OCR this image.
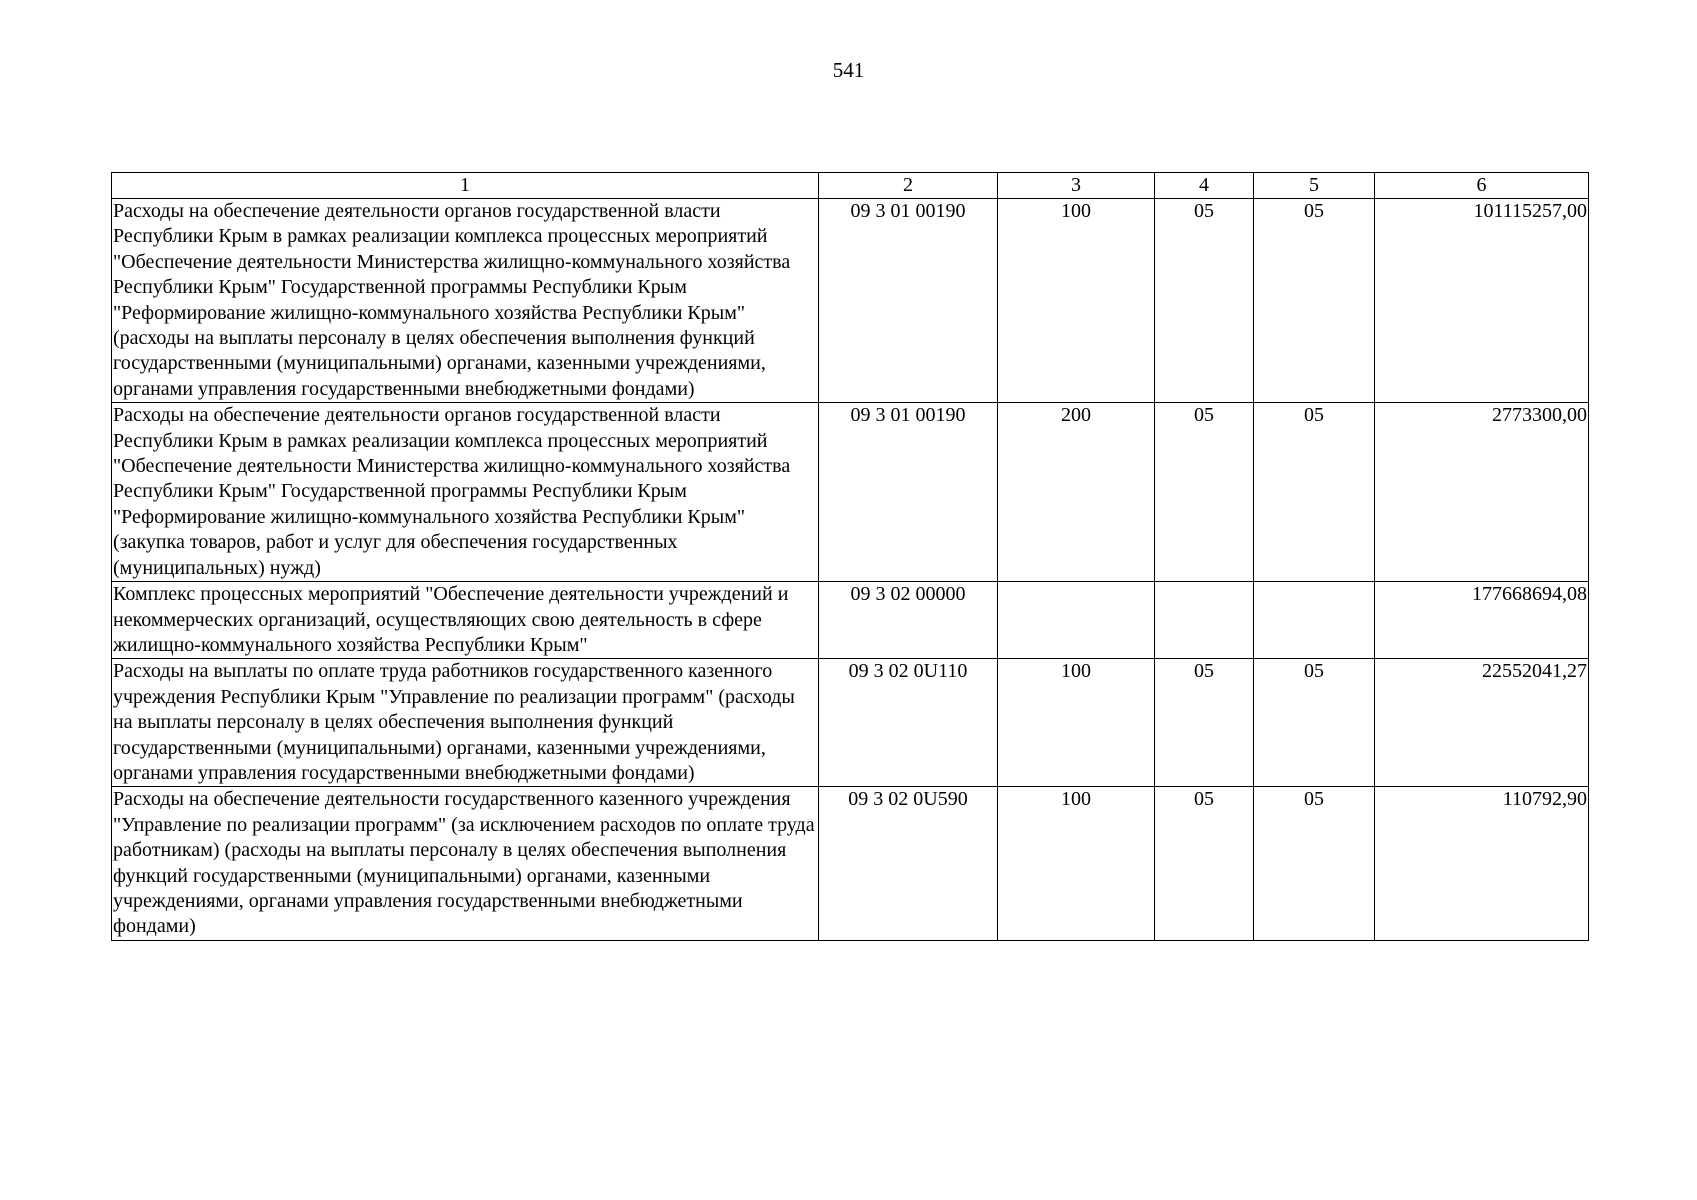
541
1	2	3	4	5	6
Расходы на обеспечение деятельности органов государственной власти Республики Крым в рамках реализации комплекса процессных мероприятий "Обеспечение деятельности Министерства жилищно-коммунального хозяйства Республики Крым" Государственной программы Республики Крым "Реформирование жилищно-коммунального хозяйства Республики Крым" (расходы на выплаты персоналу в целях обеспечения выполнения функций государственными (муниципальными) органами, казенными учреждениями, органами управления государственными внебюджетными фондами)	09 3 01 00190	100	05	05	101115257,00
Расходы на обеспечение деятельности органов государственной власти Республики Крым в рамках реализации комплекса процессных мероприятий "Обеспечение деятельности Министерства жилищно-коммунального хозяйства Республики Крым" Государственной программы Республики Крым "Реформирование жилищно-коммунального хозяйства Республики Крым" (закупка товаров, работ и услуг для обеспечения государственных (муниципальных) нужд)	09 3 01 00190	200	05	05	2773300,00
Комплекс процессных мероприятий "Обеспечение деятельности учреждений и некоммерческих организаций, осуществляющих свою деятельность в сфере жилищно-коммунального хозяйства Республики Крым"	09 3 02 00000				177668694,08
Расходы на выплаты по оплате труда работников государственного казенного учреждения Республики Крым "Управление по реализации программ" (расходы на выплаты персоналу в целях обеспечения выполнения функций государственными (муниципальными) органами, казенными учреждениями, органами управления государственными внебюджетными фондами)	09 3 02 0U110	100	05	05	22552041,27
Расходы на обеспечение деятельности государственного казенного учреждения "Управление по реализации программ" (за исключением расходов по оплате труда работникам) (расходы на выплаты персоналу в целях обеспечения выполнения функций государственными (муниципальными) органами, казенными учреждениями, органами управления государственными внебюджетными фондами)	09 3 02 0U590	100	05	05	110792,90
